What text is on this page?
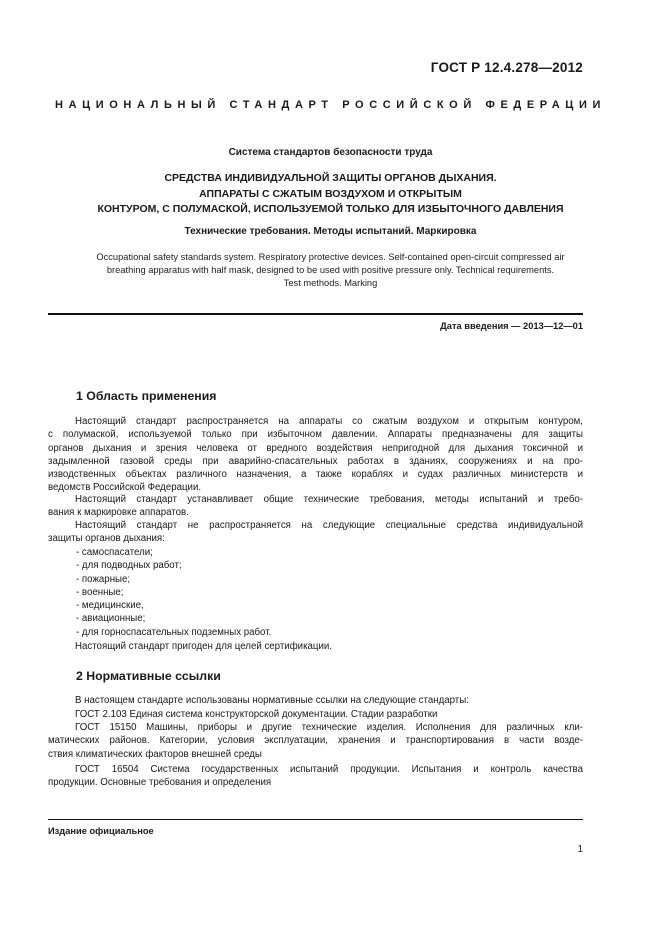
ГОСТ Р 12.4.278—2012
НАЦИОНАЛЬНЫЙ СТАНДАРТ РОССИЙСКОЙ ФЕДЕРАЦИИ
Система стандартов безопасности труда
СРЕДСТВА ИНДИВИДУАЛЬНОЙ ЗАЩИТЫ ОРГАНОВ ДЫХАНИЯ.
АППАРАТЫ С СЖАТЫМ ВОЗДУХОМ И ОТКРЫТЫМ
КОНТУРОМ, С ПОЛУМАСКОЙ, ИСПОЛЬЗУЕМОЙ ТОЛЬКО ДЛЯ ИЗБЫТОЧНОГО ДАВЛЕНИЯ
Технические требования. Методы испытаний. Маркировка
Occupational safety standards system. Respiratory protective devices. Self-contained open-circuit compressed air
breathing apparatus with half mask, designed to be used with positive pressure only. Technical requirements.
Test methods. Marking
Дата введения — 2013—12—01
1 Область применения
Настоящий стандарт распространяется на аппараты со сжатым воздухом и открытым контуром,
с полумаской, используемой только при избыточном давлении. Аппараты предназначены для защиты
органов дыхания и зрения человека от вредного воздействия непригодной для дыхания токсичной и
задымленной газовой среды при аварийно-спасательных работах в зданиях, сооружениях и на про-
изводственных объектах различного назначения, а также кораблях и судах различных министерств и
ведомств Российской Федерации.
Настоящий стандарт устанавливает общие технические требования, методы испытаний и требо-
вания к маркировке аппаратов.
Настоящий стандарт не распространяется на следующие специальные средства индивидуальной
защиты органов дыхания:
- самоспасатели;
- для подводных работ;
- пожарные;
- военные;
- медицинские,
- авиационные;
- для горноспасательных подземных работ.
Настоящий стандарт пригоден для целей сертификации.
2 Нормативные ссылки
В настоящем стандарте использованы нормативные ссылки на следующие стандарты:
ГОСТ 2.103 Единая система конструкторской документации. Стадии разработки
ГОСТ 15150 Машины, приборы и другие технические изделия. Исполнения для различных кли-
матических районов. Категории, условия эксплуатации, хранения и транспортирования в части возде-
ствия климатических факторов внешней среды
ГОСТ 16504 Система государственных испытаний продукции. Испытания и контроль качества
продукции. Основные требования и определения
Издание официальное
1
